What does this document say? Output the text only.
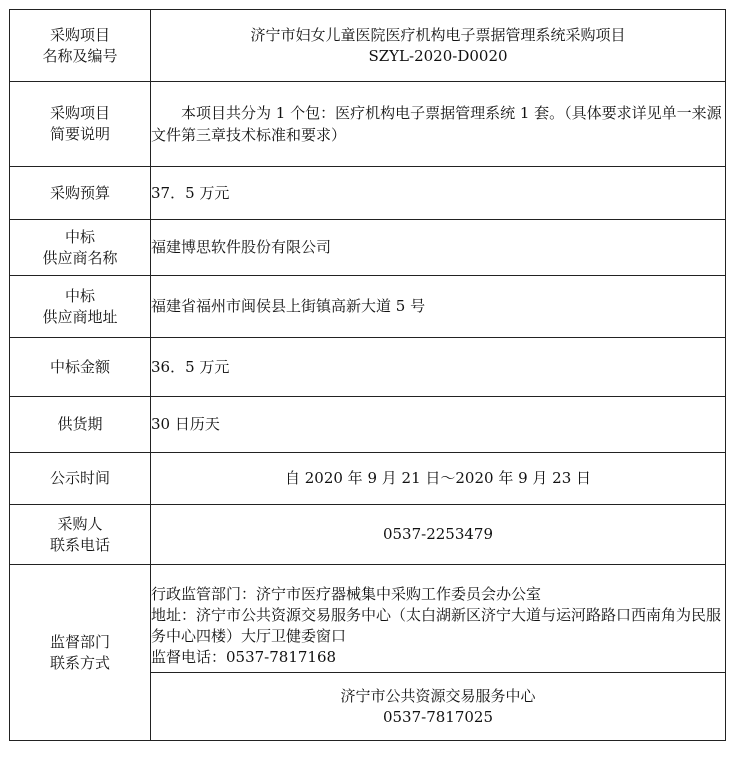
采购项目
名称及编号	济宁市妇女儿童医院医疗机构电子票据管理系统采购项目
SZYL-2020-D0020

采购项目
简要说明	本项目共分为 1 个包：医疗机构电子票据管理系统 1 套。（具体要求详见单一来源文件第三章技术标准和要求）
采购预算	37．5 万元

中标
供应商名称	福建博思软件股份有限公司

中标
供应商地址	福建省福州市闽侯县上街镇高新大道 5 号
中标金额	36．5 万元
供货期	30 日历天
公示时间	自 2020 年 9 月 21 日～2020 年 9 月 23 日

采购人
联系电话	0537-2253479

监督部门
联系方式	行政监管部门：济宁市医疗器械集中采购工作委员会办公室
地址：济宁市公共资源交易服务中心（太白湖新区济宁大道与运河路路口西南角为民服务中心四楼）大厅卫健委窗口
监督电话：0537-7817168

	济宁市公共资源交易服务中心
0537-7817025
